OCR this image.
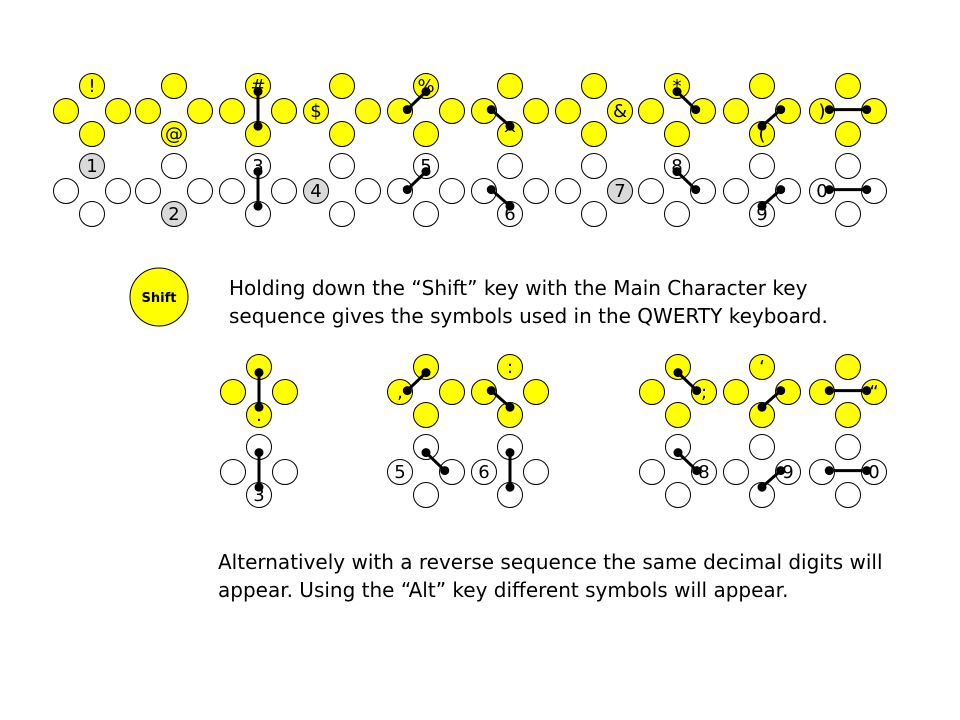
!
@
#
$
%
^
&
*
(
)
1
2
3
4
5
6
7
8
9
0
Shift
.
,
:
;
‘
“
3
5	6	8	9	0
Holding down the “Shift” key with the Main Character key sequence gives the symbols used in the QWERTY keyboard.
Alternatively with a reverse sequence the same decimal digits will appear. Using the “Alt” key different symbols will appear.
